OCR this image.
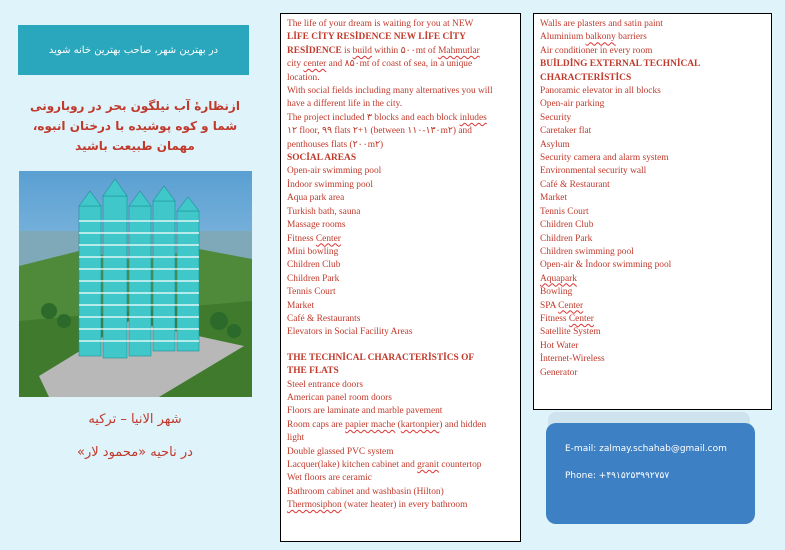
در بهترین شهر، صاحب بهترین خانه شوید
ازنظارۀ آب نیلگون بحر در روبارونی
شما و کوه پوشیده با درختان انبوه،
مهمان طبیعت باشید
شهر الانیا – ترکیه
در ناحیه «محمود لار»

The life of your dream is waiting for you at NEW
LİFE CİTY RESİDENCE NEW LİFE CİTY
RESİDENCE is build within ۵۰۰mt of Mahmutlar
city center and ۸۵۰mt of coast of sea, in a unique
location.
With social fields including many alternatives you will
have a different life in the city.
The project included ۳ blocks and each block inludes
۱۲ floor, ۹۹ flats ۲+۱ (between ۱۱۰-۱۳۰m۲) and
penthouses flats (۲۰۰m۲)

SOCİAL AREAS

Open-air swimming pool
İndoor swimming pool
Aqua park area
Turkish bath, sauna
Massage rooms
Fitness Center
Mini bowling
Children Club
Children Park
Tennis Court
Market
Café & Restaurants
Elevators in Social Facility Areas

THE TECHNİCAL CHARACTERİSTİCS OF
THE FLATS

Steel entrance doors
American panel room doors
Floors are laminate and marble pavement
Room caps are papier mache (kartonpier) and hidden
light
Double glassed PVC system
Lacquer(lake) kitchen cabinet and granit countertop
Wet floors are ceramic
Bathroom cabinet and washbasin (Hilton)
Thermosiphon (water heater) in every bathroom

Walls are plasters and satin paint
Aluminium balkony barriers
Air conditioner in every room

BUİLDİNG EXTERNAL TECHNİCAL
CHARACTERİSTİCS

Panoramic elevator in all blocks
Open-air parking
Security
Caretaker flat
Asylum
Security camera and alarm system
Environmental security wall
Café & Restaurant
Market
Tennis Court
Children Club
Children Park
Children swimming pool
Open-air & İndoor swimming pool
Aquapark
Bowling
SPA Center
Fitness Center
Satellite System
Hot Water
İnternet-Wireless
Generator

E-mail: zalmay.schahab@gmail.com
Phone: +۴۹۱۵۲۵۳۹۹۲۷۵۷
